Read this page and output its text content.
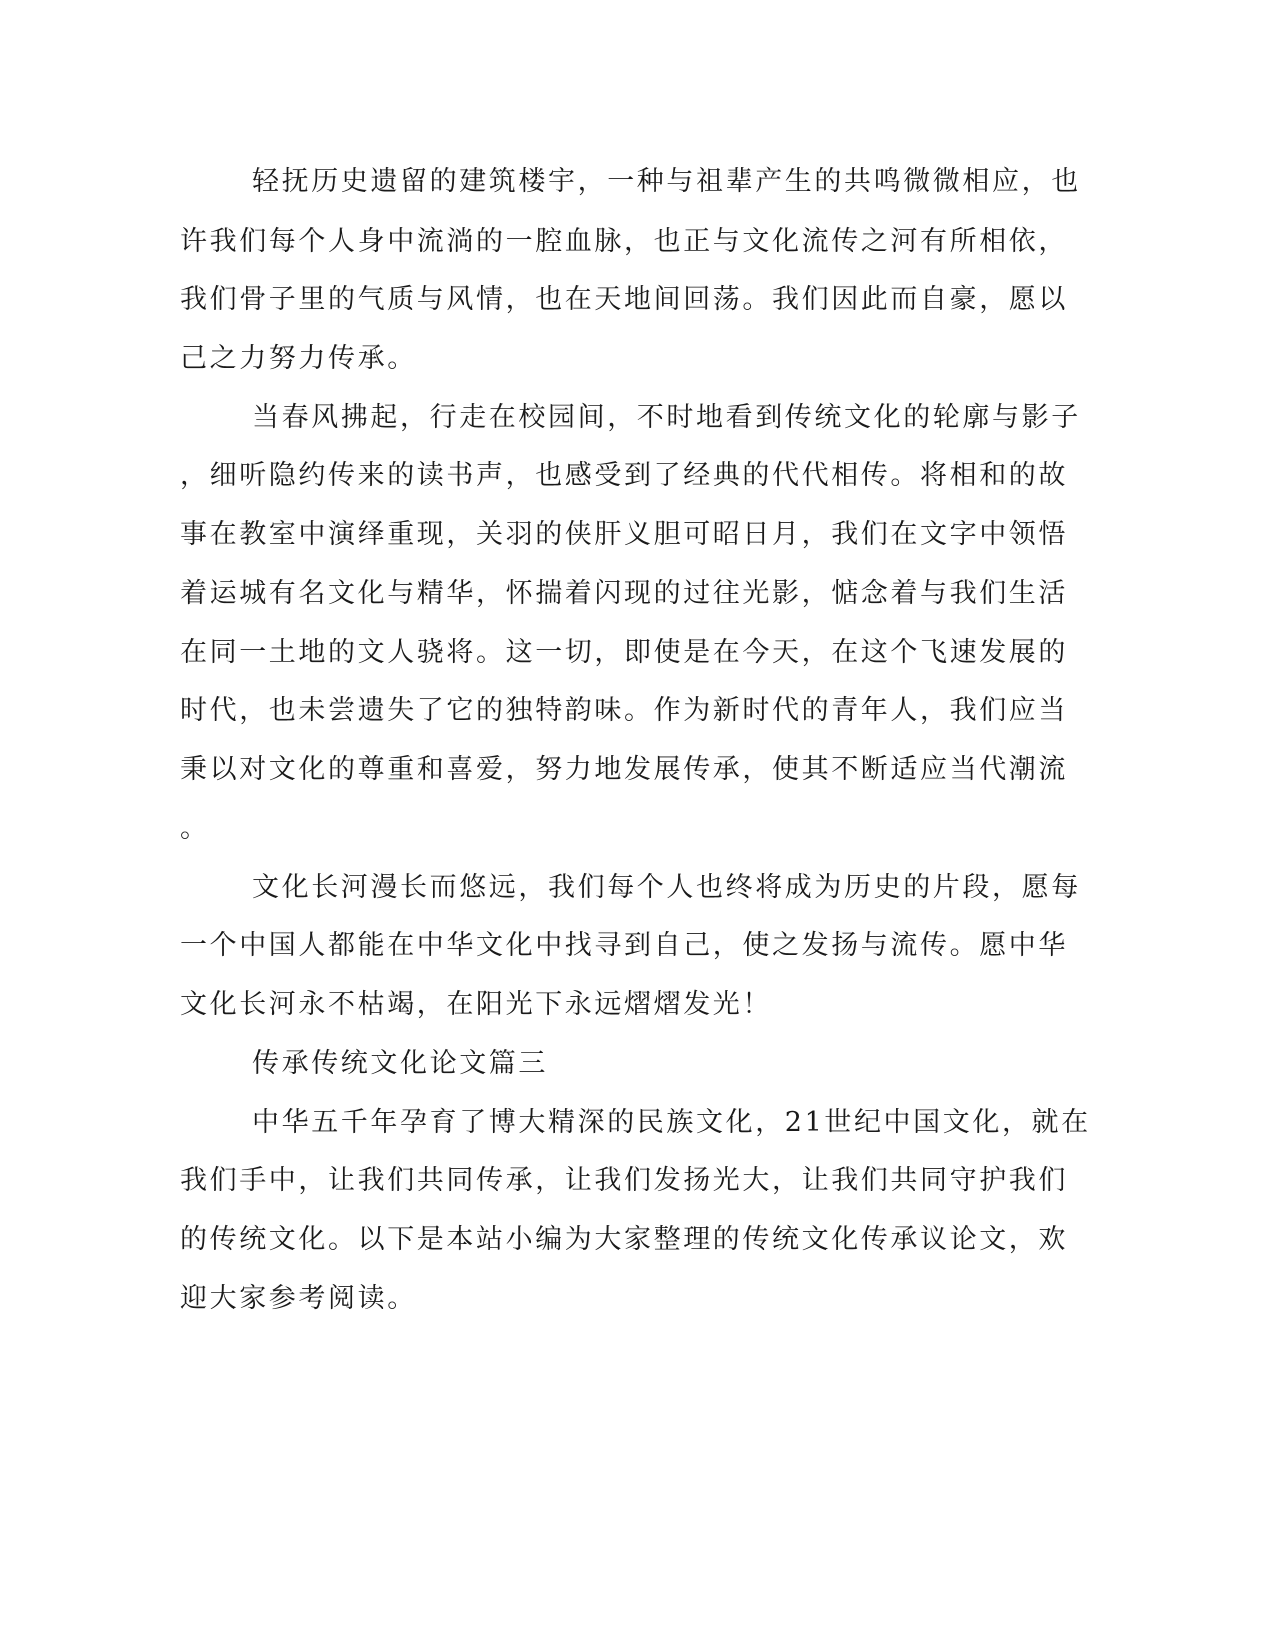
轻抚历史遗留的建筑楼宇，一种与祖辈产生的共鸣微微相应，也
许我们每个人身中流淌的一腔血脉，也正与文化流传之河有所相依，
我们骨子里的气质与风情，也在天地间回荡。我们因此而自豪，愿以
己之力努力传承。
当春风拂起，行走在校园间，不时地看到传统文化的轮廓与影子
，细听隐约传来的读书声，也感受到了经典的代代相传。将相和的故
事在教室中演绎重现，关羽的侠肝义胆可昭日月，我们在文字中领悟
着运城有名文化与精华，怀揣着闪现的过往光影，惦念着与我们生活
在同一土地的文人骁将。这一切，即使是在今天，在这个飞速发展的
时代，也未尝遗失了它的独特韵味。作为新时代的青年人，我们应当
秉以对文化的尊重和喜爱，努力地发展传承，使其不断适应当代潮流
。
文化长河漫长而悠远，我们每个人也终将成为历史的片段，愿每
一个中国人都能在中华文化中找寻到自己，使之发扬与流传。愿中华
文化长河永不枯竭，在阳光下永远熠熠发光！
传承传统文化论文篇三
中华五千年孕育了博大精深的民族文化，21世纪中国文化，就在
我们手中，让我们共同传承，让我们发扬光大，让我们共同守护我们
的传统文化。以下是本站小编为大家整理的传统文化传承议论文，欢
迎大家参考阅读。
